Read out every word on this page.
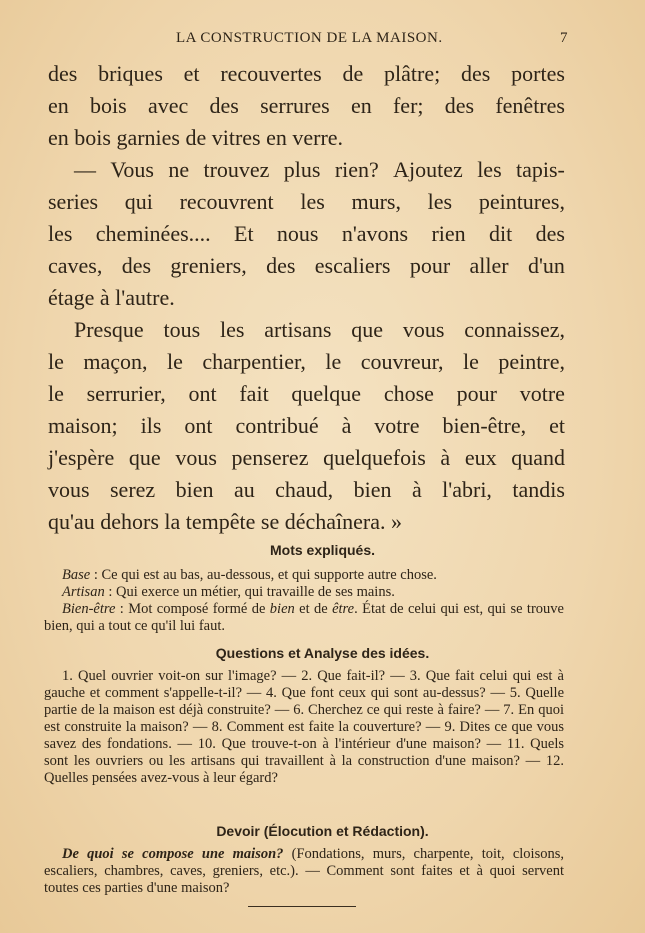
LA CONSTRUCTION DE LA MAISON.	7
des briques et recouvertes de plâtre; des portes
en bois avec des serrures en fer; des fenêtres
en bois garnies de vitres en verre.
— Vous ne trouvez plus rien? Ajoutez les tapis-
series qui recouvrent les murs, les peintures,
les cheminées.... Et nous n'avons rien dit des
caves, des greniers, des escaliers pour aller d'un
étage à l'autre.
Presque tous les artisans que vous connaissez,
le maçon, le charpentier, le couvreur, le peintre,
le serrurier, ont fait quelque chose pour votre
maison; ils ont contribué à votre bien-être, et
j'espère que vous penserez quelquefois à eux quand
vous serez bien au chaud, bien à l'abri, tandis
qu'au dehors la tempête se déchaînera. »
Mots expliqués.

Base : Ce qui est au bas, au-dessous, et qui supporte autre chose.

Artisan : Qui exerce un métier, qui travaille de ses mains.

Bien-être : Mot composé formé de bien et de être. État de celui qui est, qui se trouve bien, qui a tout ce qu'il lui faut.

Questions et Analyse des idées.
1. Quel ouvrier voit-on sur l'image? — 2. Que fait-il? — 3. Que fait celui qui est à gauche et comment s'appelle-t-il? — 4. Que font ceux qui sont au-dessus? — 5. Quelle partie de la maison est déjà construite? — 6. Cherchez ce qui reste à faire? — 7. En quoi est construite la maison? — 8. Comment est faite la couverture? — 9. Dites ce que vous savez des fondations. — 10. Que trouve-t-on à l'intérieur d'une maison? — 11. Quels sont les ouvriers ou les artisans qui travaillent à la construction d'une maison? — 12. Quelles pensées avez-vous à leur égard?
Devoir (Élocution et Rédaction).
De quoi se compose une maison? (Fondations, murs, charpente, toit, cloisons, escaliers, chambres, caves, greniers, etc.). — Comment sont faites et à quoi servent toutes ces parties d'une maison?
